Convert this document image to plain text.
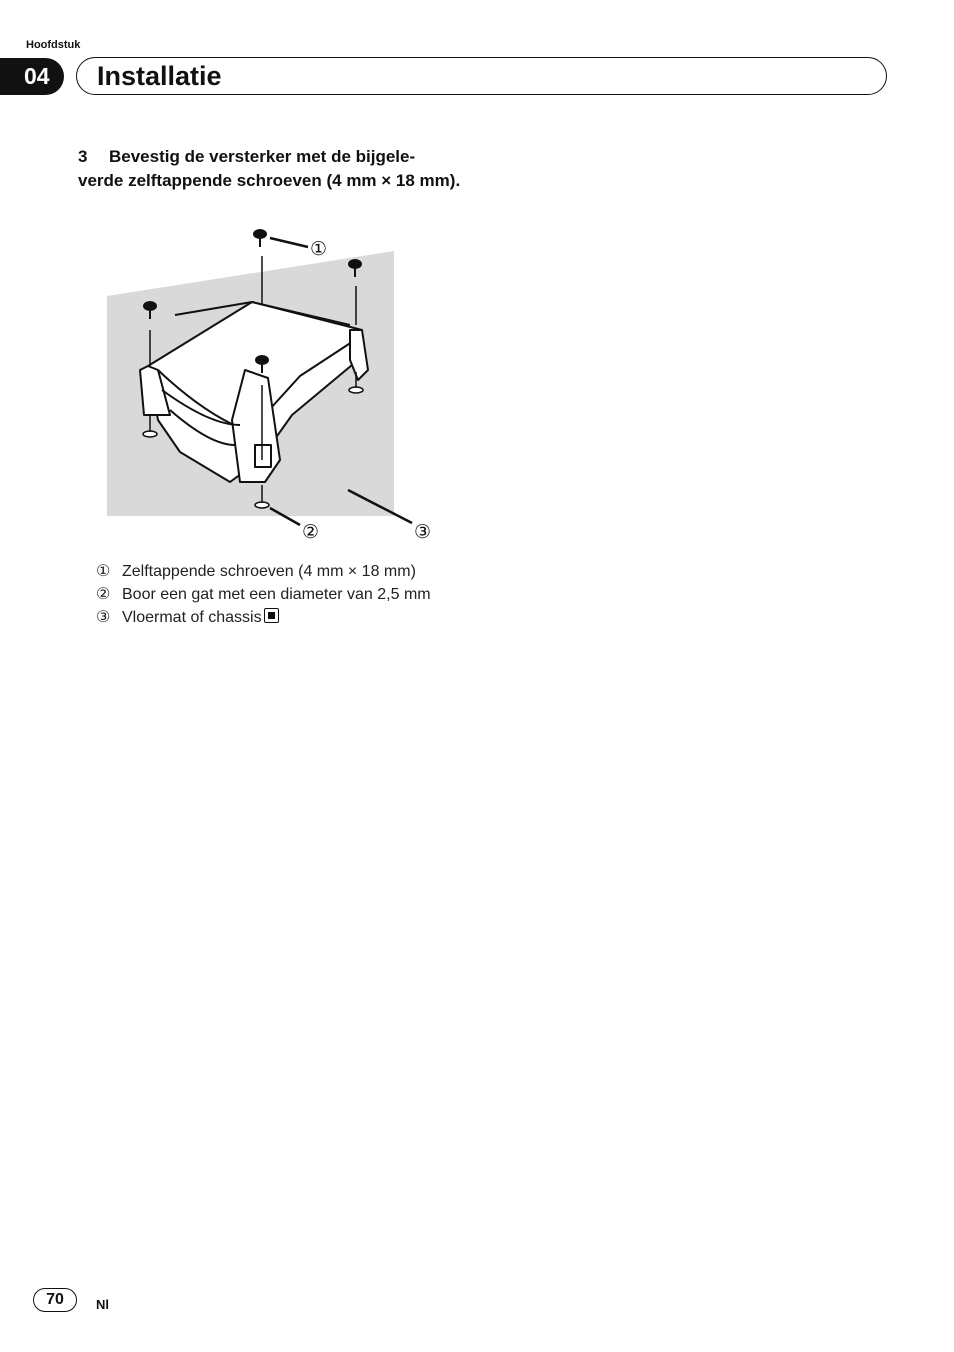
Hoofdstuk
04	Installatie
3 Bevestig de versterker met de bijgele- verde zelftappende schroeven (4 mm × 18 mm).
①
②	③
① Zelftappende schroeven (4 mm × 18 mm)
② Boor een gat met een diameter van 2,5 mm
③ Vloermat of chassis
70	Nl
